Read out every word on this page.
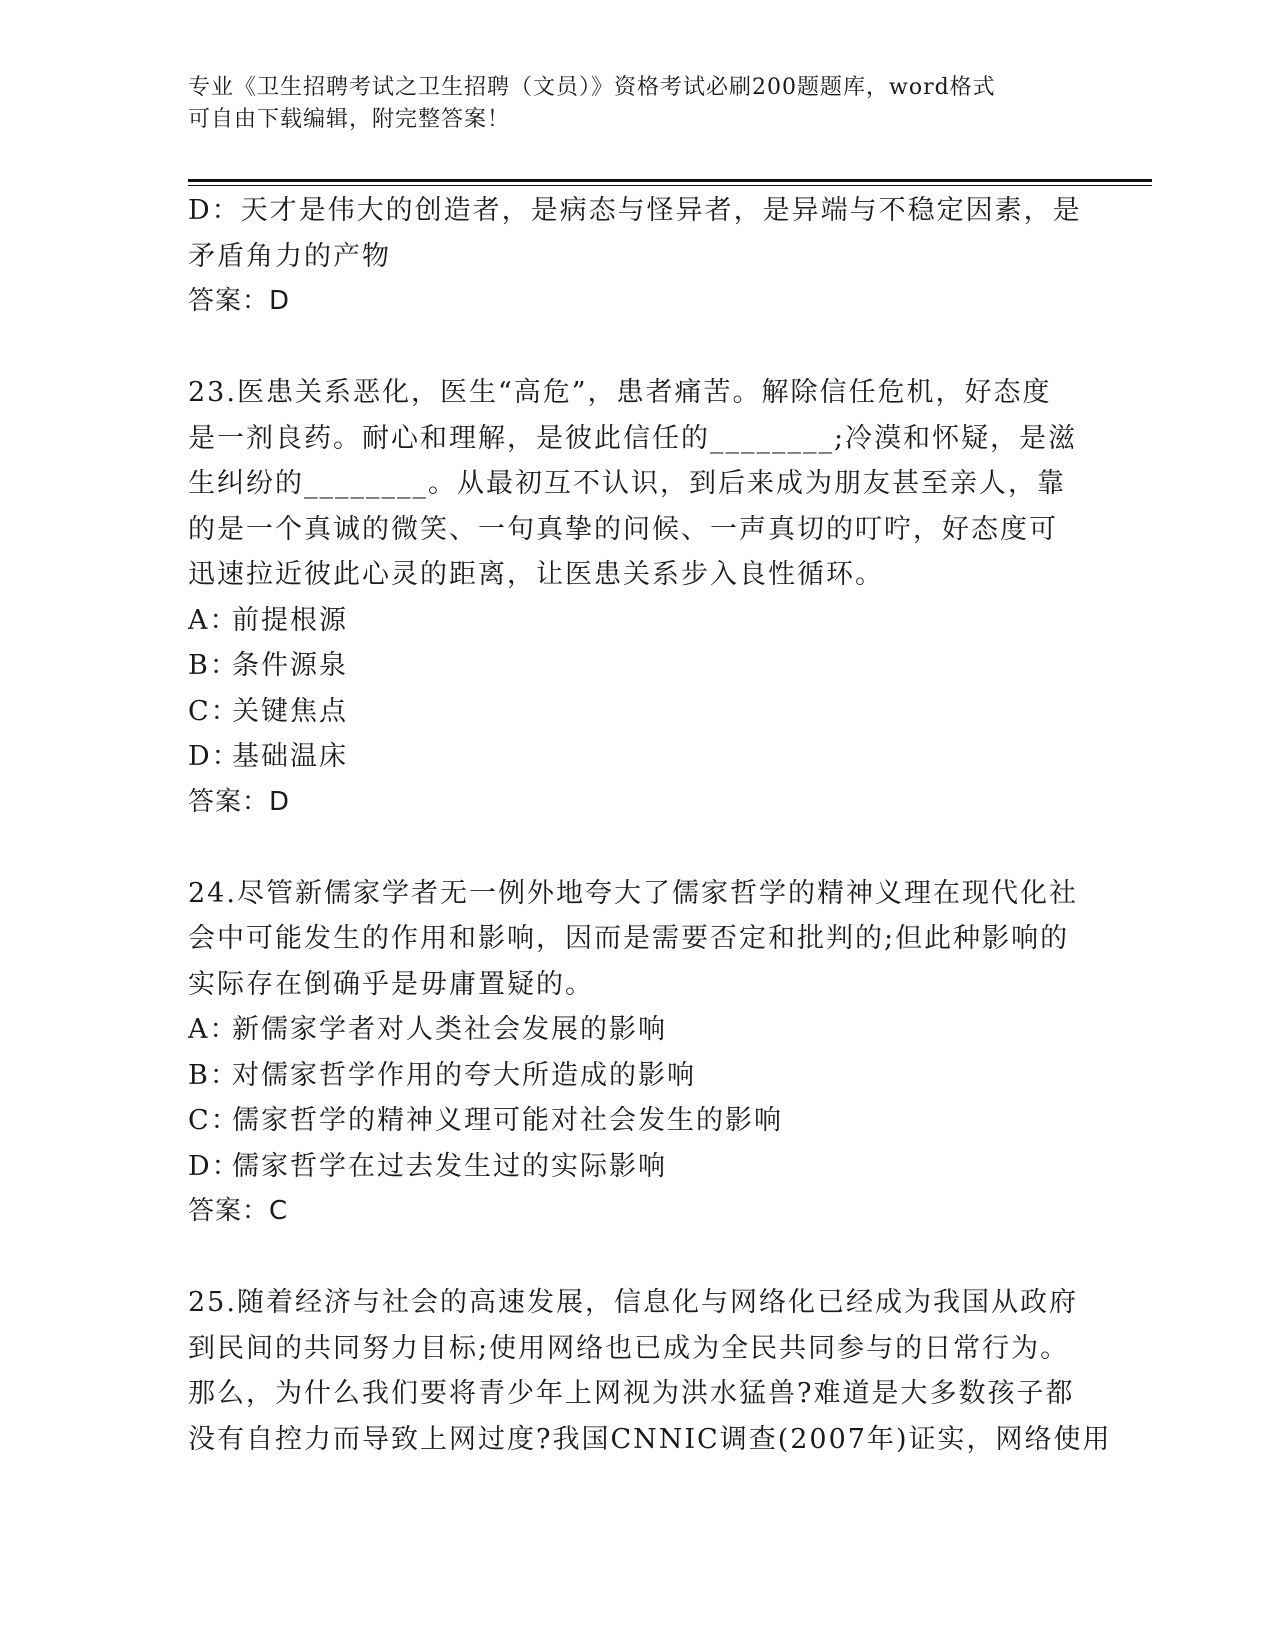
专业《卫生招聘考试之卫生招聘（文员）》资格考试必刷200题题库，word格式
可自由下载编辑，附完整答案！

D：天才是伟大的创造者，是病态与怪异者，是异端与不稳定因素，是

矛盾角力的产物

答案：D

23.医患关系恶化，医生“高危”，患者痛苦。解除信任危机，好态度

是一剂良药。耐心和理解，是彼此信任的________;冷漠和怀疑，是滋

生纠纷的________。从最初互不认识，到后来成为朋友甚至亲人，靠

的是一个真诚的微笑、一句真挚的问候、一声真切的叮咛，好态度可

迅速拉近彼此心灵的距离，让医患关系步入良性循环。

A：前提根源

B：条件源泉

C：关键焦点

D：基础温床

答案：D

24.尽管新儒家学者无一例外地夸大了儒家哲学的精神义理在现代化社

会中可能发生的作用和影响，因而是需要否定和批判的;但此种影响的

实际存在倒确乎是毋庸置疑的。

A：新儒家学者对人类社会发展的影响

B：对儒家哲学作用的夸大所造成的影响

C：儒家哲学的精神义理可能对社会发生的影响

D：儒家哲学在过去发生过的实际影响

答案：C

25.随着经济与社会的高速发展，信息化与网络化已经成为我国从政府

到民间的共同努力目标;使用网络也已成为全民共同参与的日常行为。

那么，为什么我们要将青少年上网视为洪水猛兽?难道是大多数孩子都

没有自控力而导致上网过度?我国CNNIC调查(2007年)证实，网络使用
